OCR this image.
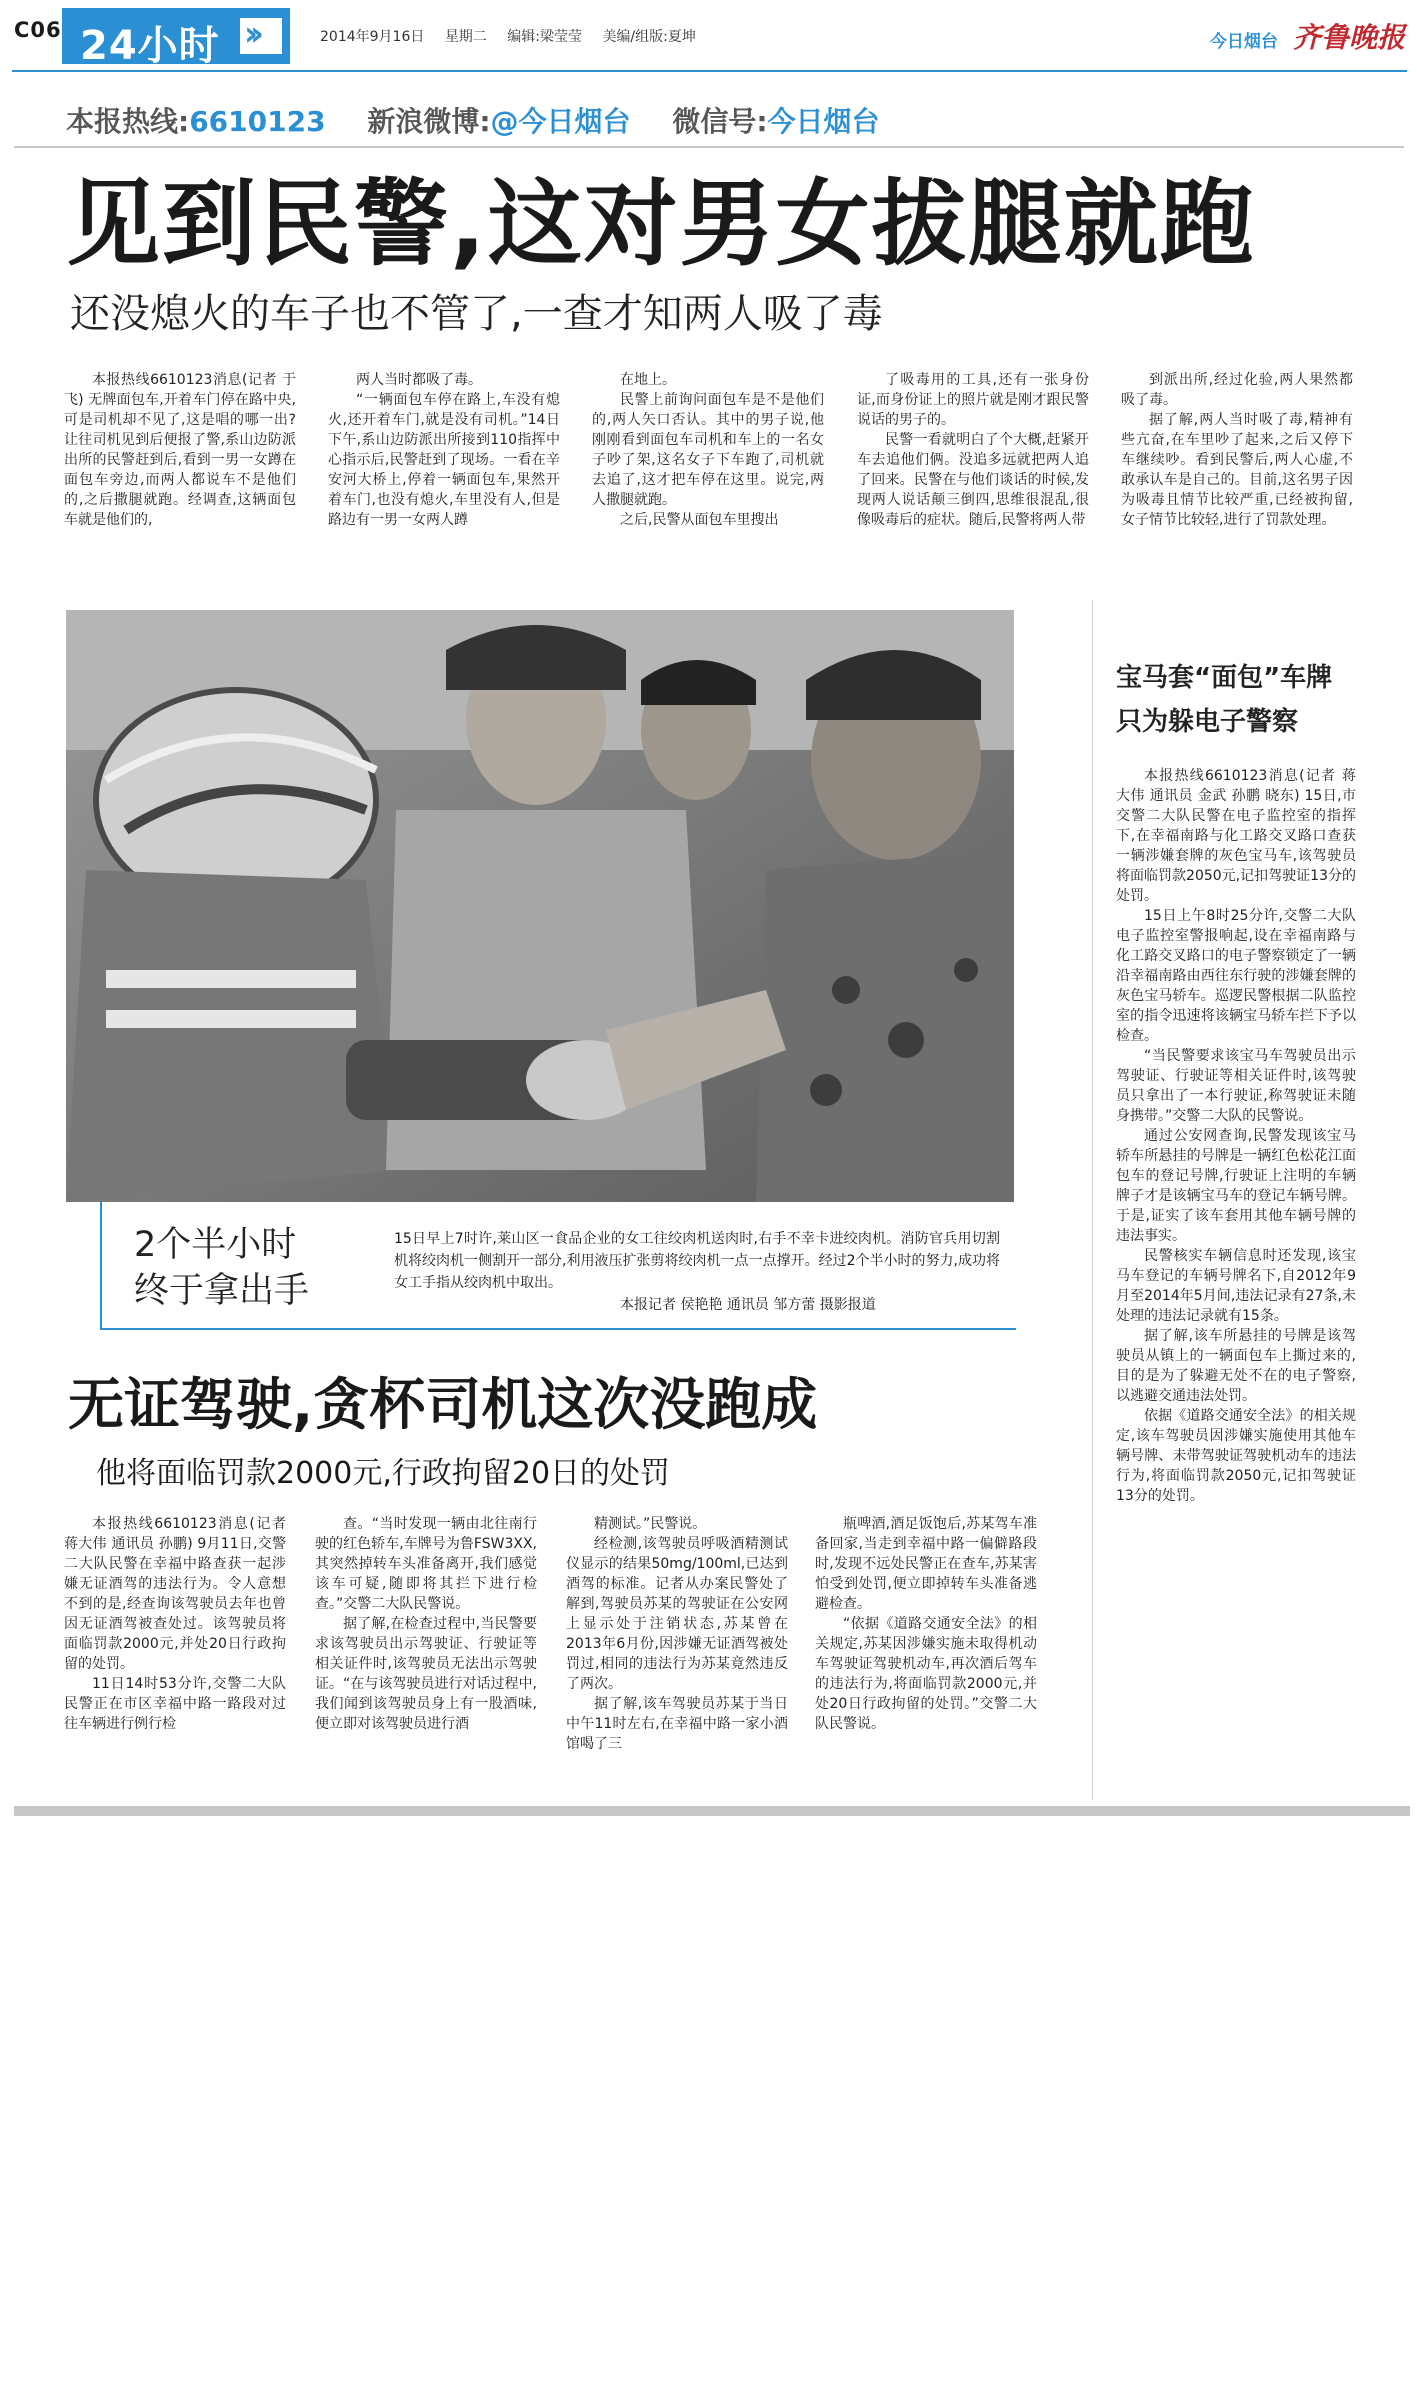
C06 24小时 ››	2014年9月16日 星期二 编辑:梁莹莹 美编/组版:夏坤	今日烟台 齐鲁晚报
本报热线:6610123 新浪微博:@今日烟台 微信号:今日烟台
见到民警,这对男女拔腿就跑
还没熄火的车子也不管了,一查才知两人吸了毒

本报热线6610123消息(记者 于飞) 无牌面包车,开着车门停在路中央,可是司机却不见了,这是唱的哪一出?让往司机见到后便报了警,系山边防派出所的民警赶到后,看到一男一女蹲在面包车旁边,而两人都说车不是他们的,之后撒腿就跑。经调查,这辆面包车就是他们的,

两人当时都吸了毒。

“一辆面包车停在路上,车没有熄火,还开着车门,就是没有司机。”14日下午,系山边防派出所接到110指挥中心指示后,民警赶到了现场。一看在辛安河大桥上,停着一辆面包车,果然开着车门,也没有熄火,车里没有人,但是路边有一男一女两人蹲

在地上。

民警上前询问面包车是不是他们的,两人矢口否认。其中的男子说,他刚刚看到面包车司机和车上的一名女子吵了架,这名女子下车跑了,司机就去追了,这才把车停在这里。说完,两人撒腿就跑。

之后,民警从面包车里搜出

了吸毒用的工具,还有一张身份证,而身份证上的照片就是刚才跟民警说话的男子的。

民警一看就明白了个大概,赶紧开车去追他们俩。没追多远就把两人追了回来。民警在与他们谈话的时候,发现两人说话颠三倒四,思维很混乱,很像吸毒后的症状。随后,民警将两人带

到派出所,经过化验,两人果然都吸了毒。

据了解,两人当时吸了毒,精神有些亢奋,在车里吵了起来,之后又停下车继续吵。看到民警后,两人心虚,不敢承认车是自己的。目前,这名男子因为吸毒且情节比较严重,已经被拘留,女子情节比较轻,进行了罚款处理。

2个半小时
终于拿出手
15日早上7时许,莱山区一食品企业的女工往绞肉机送肉时,右手不幸卡进绞肉机。消防官兵用切割机将绞肉机一侧割开一部分,利用液压扩张剪将绞肉机一点一点撑开。经过2个半小时的努力,成功将女工手指从绞肉机中取出。
本报记者 侯艳艳 通讯员 邹方蕾 摄影报道
宝马套“面包”车牌
只为躲电子警察

本报热线6610123消息(记者 蒋大伟 通讯员 金武 孙鹏 晓东) 15日,市交警二大队民警在电子监控室的指挥下,在幸福南路与化工路交叉路口查获一辆涉嫌套牌的灰色宝马车,该驾驶员将面临罚款2050元,记扣驾驶证13分的处罚。

15日上午8时25分许,交警二大队电子监控室警报响起,设在幸福南路与化工路交叉路口的电子警察锁定了一辆沿幸福南路由西往东行驶的涉嫌套牌的灰色宝马轿车。巡逻民警根据二队监控室的指令迅速将该辆宝马轿车拦下予以检查。

“当民警要求该宝马车驾驶员出示驾驶证、行驶证等相关证件时,该驾驶员只拿出了一本行驶证,称驾驶证未随身携带。”交警二大队的民警说。

通过公安网查询,民警发现该宝马轿车所悬挂的号牌是一辆红色松花江面包车的登记号牌,行驶证上注明的车辆牌子才是该辆宝马车的登记车辆号牌。于是,证实了该车套用其他车辆号牌的违法事实。

民警核实车辆信息时还发现,该宝马车登记的车辆号牌名下,自2012年9月至2014年5月间,违法记录有27条,未处理的违法记录就有15条。

据了解,该车所悬挂的号牌是该驾驶员从镇上的一辆面包车上撕过来的,目的是为了躲避无处不在的电子警察,以逃避交通违法处罚。

依据《道路交通安全法》的相关规定,该车驾驶员因涉嫌实施使用其他车辆号牌、未带驾驶证驾驶机动车的违法行为,将面临罚款2050元,记扣驾驶证13分的处罚。

无证驾驶,贪杯司机这次没跑成
他将面临罚款2000元,行政拘留20日的处罚

本报热线6610123消息(记者 蒋大伟 通讯员 孙鹏) 9月11日,交警二大队民警在幸福中路查获一起涉嫌无证酒驾的违法行为。令人意想不到的是,经查询该驾驶员去年也曾因无证酒驾被查处过。该驾驶员将面临罚款2000元,并处20日行政拘留的处罚。

11日14时53分许,交警二大队民警正在市区幸福中路一路段对过往车辆进行例行检

查。“当时发现一辆由北往南行驶的红色轿车,车牌号为鲁FSW3XX,其突然掉转车头准备离开,我们感觉该车可疑,随即将其拦下进行检查。”交警二大队民警说。

据了解,在检查过程中,当民警要求该驾驶员出示驾驶证、行驶证等相关证件时,该驾驶员无法出示驾驶证。“在与该驾驶员进行对话过程中,我们闻到该驾驶员身上有一股酒味,便立即对该驾驶员进行酒

精测试。”民警说。

经检测,该驾驶员呼吸酒精测试仪显示的结果50mg/100ml,已达到酒驾的标准。记者从办案民警处了解到,驾驶员苏某的驾驶证在公安网上显示处于注销状态,苏某曾在2013年6月份,因涉嫌无证酒驾被处罚过,相同的违法行为苏某竟然违反了两次。

据了解,该车驾驶员苏某于当日中午11时左右,在幸福中路一家小酒馆喝了三

瓶啤酒,酒足饭饱后,苏某驾车准备回家,当走到幸福中路一偏僻路段时,发现不远处民警正在查车,苏某害怕受到处罚,便立即掉转车头准备逃避检查。

“依据《道路交通安全法》的相关规定,苏某因涉嫌实施未取得机动车驾驶证驾驶机动车,再次酒后驾车的违法行为,将面临罚款2000元,并处20日行政拘留的处罚。”交警二大队民警说。
